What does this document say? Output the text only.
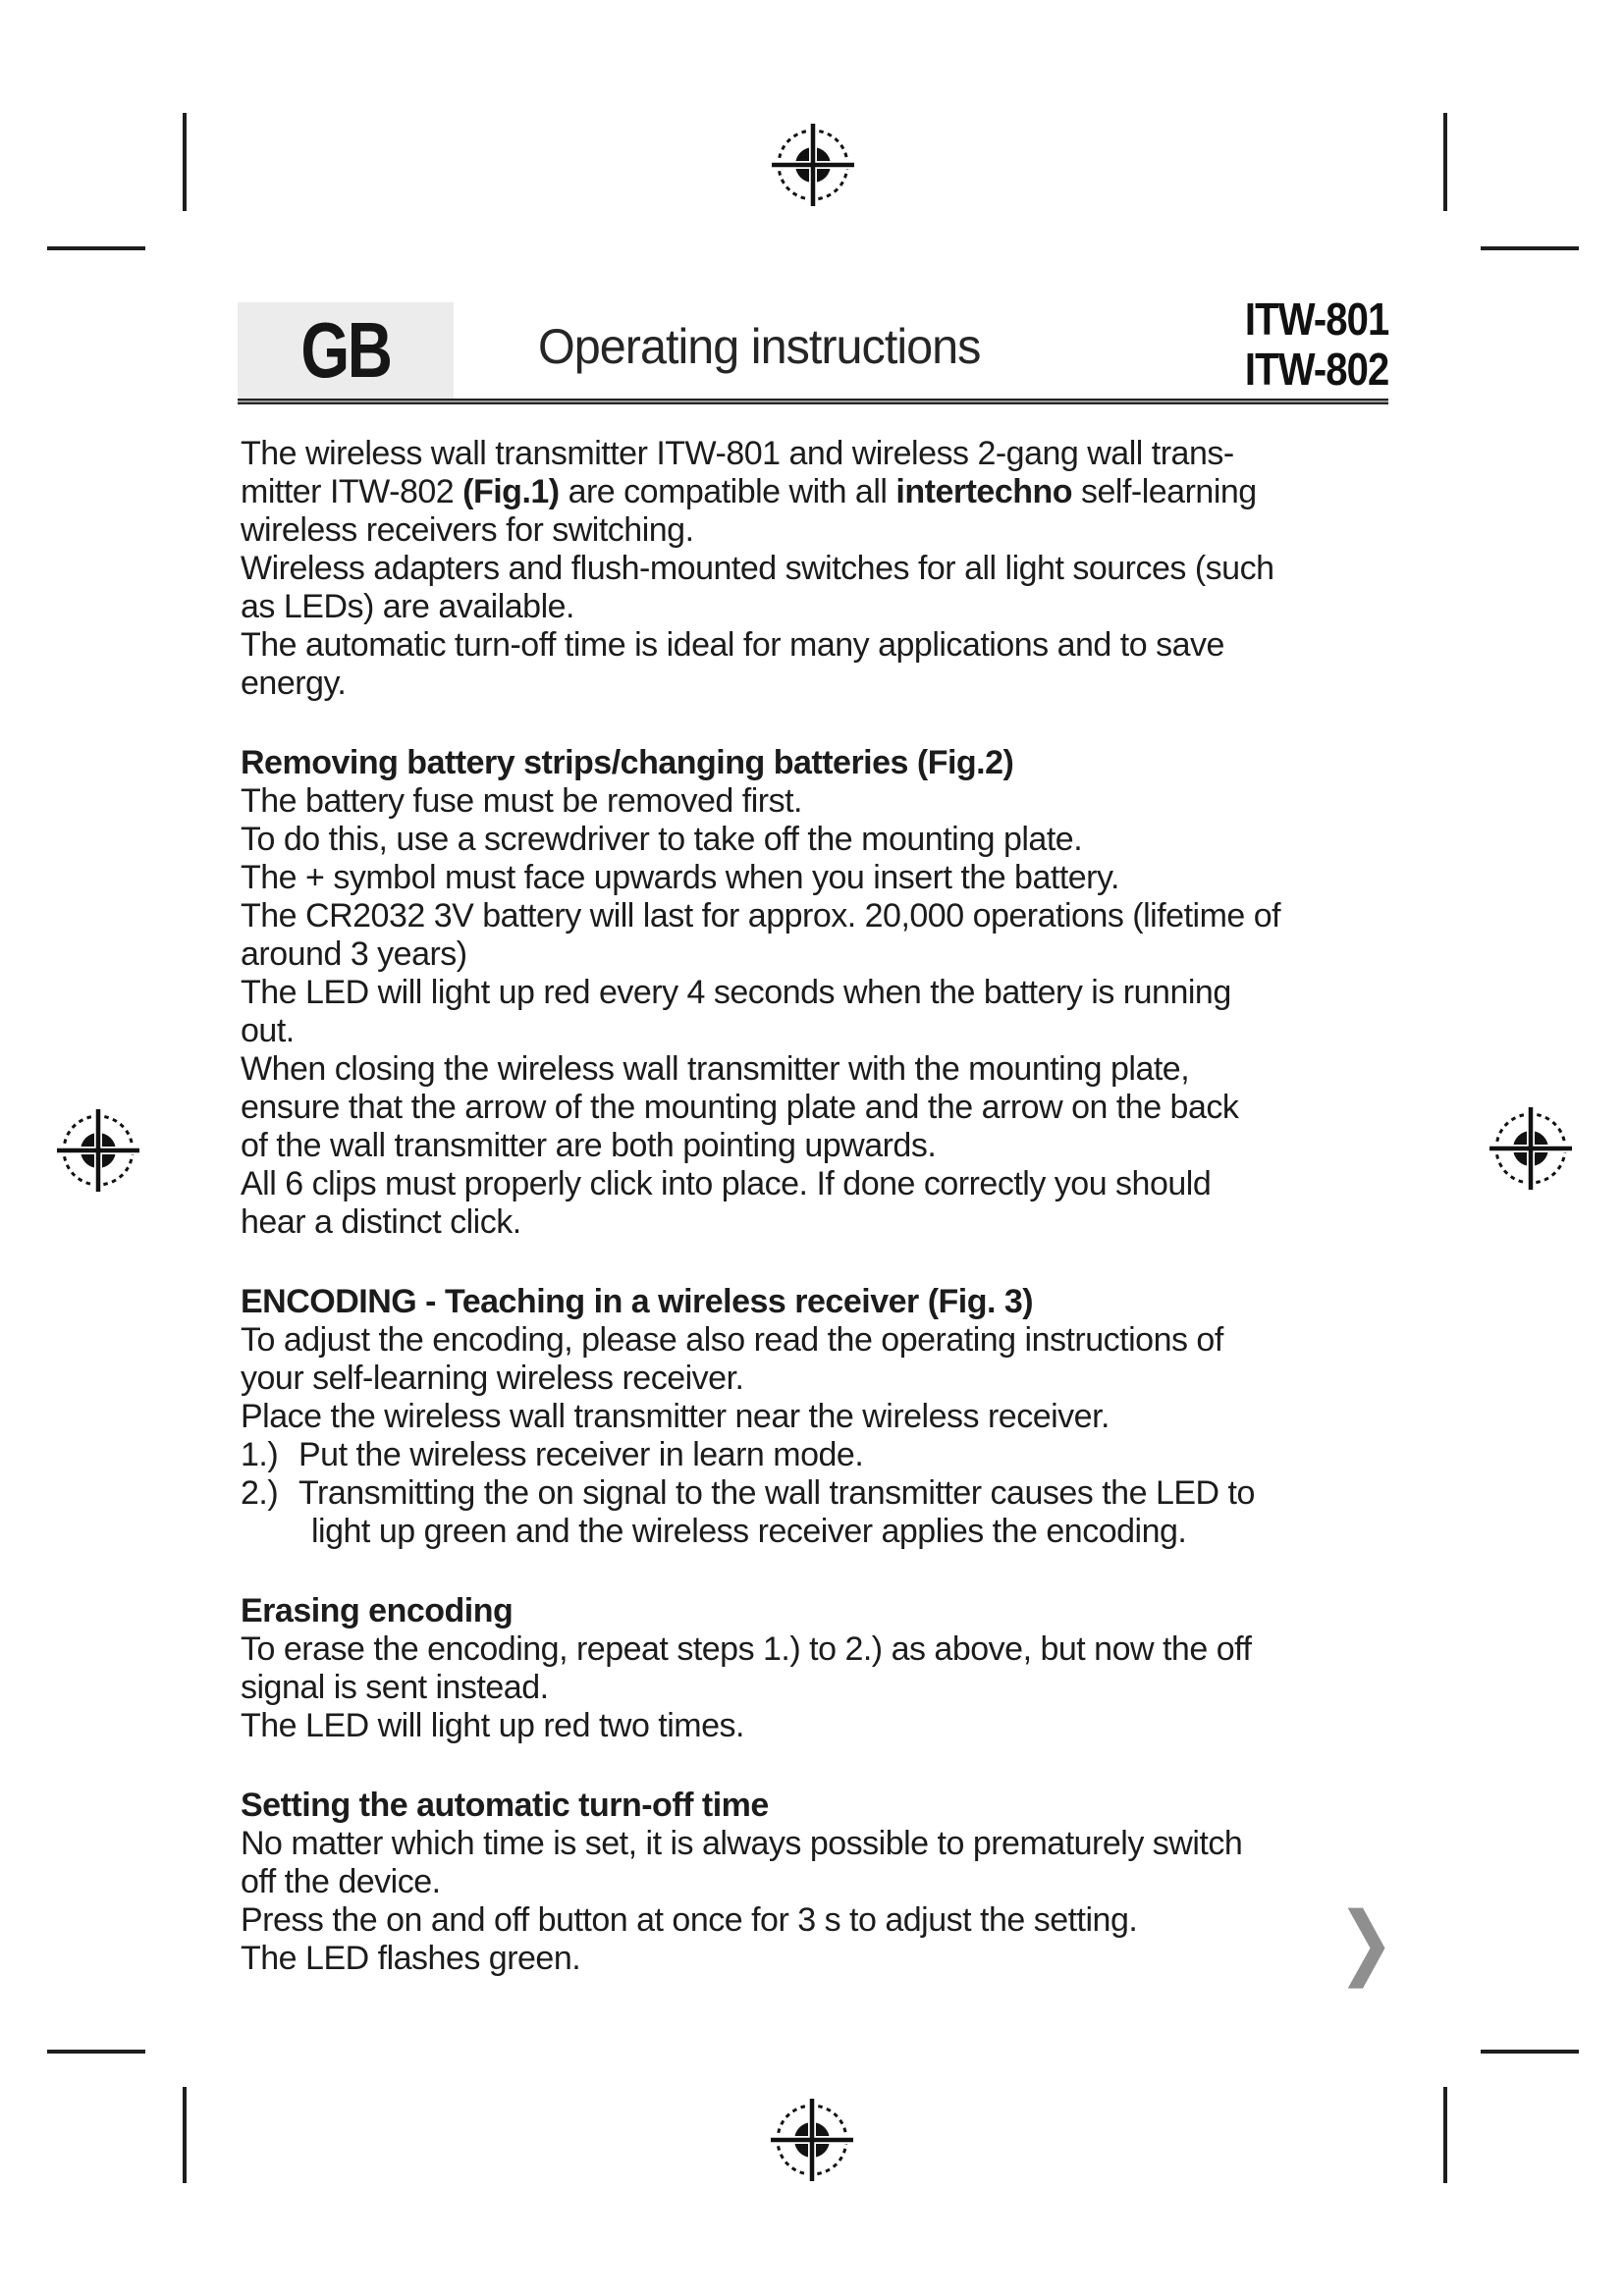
GB	Operating instructions	ITW-801
ITW-802
The wireless wall transmitter ITW-801 and wireless 2-gang wall trans-
mitter ITW-802 (Fig.1) are compatible with all intertechno self-learning
wireless receivers for switching.
Wireless adapters and flush-mounted switches for all light sources (such
as LEDs) are available.
The automatic turn-off time is ideal for many applications and to save
energy.
Removing battery strips/changing batteries (Fig.2)
The battery fuse must be removed first.
To do this, use a screwdriver to take off the mounting plate.
The + symbol must face upwards when you insert the battery.
The CR2032 3V battery will last for approx. 20,000 operations (lifetime of
around 3 years)
The LED will light up red every 4 seconds when the battery is running
out.
When closing the wireless wall transmitter with the mounting plate,
ensure that the arrow of the mounting plate and the arrow on the back
of the wall transmitter are both pointing upwards.
All 6 clips must properly click into place. If done correctly you should
hear a distinct click.
ENCODING - Teaching in a wireless receiver (Fig. 3)
To adjust the encoding, please also read the operating instructions of
your self-learning wireless receiver.
Place the wireless wall transmitter near the wireless receiver.
1.) Put the wireless receiver in learn mode.
2.) Transmitting the on signal to the wall transmitter causes the LED to
light up green and the wireless receiver applies the encoding.
Erasing encoding
To erase the encoding, repeat steps 1.) to 2.) as above, but now the off
signal is sent instead.
The LED will light up red two times.
Setting the automatic turn-off time
No matter which time is set, it is always possible to prematurely switch
off the device.
Press the on and off button at once for 3 s to adjust the setting.
The LED flashes green.	❯
